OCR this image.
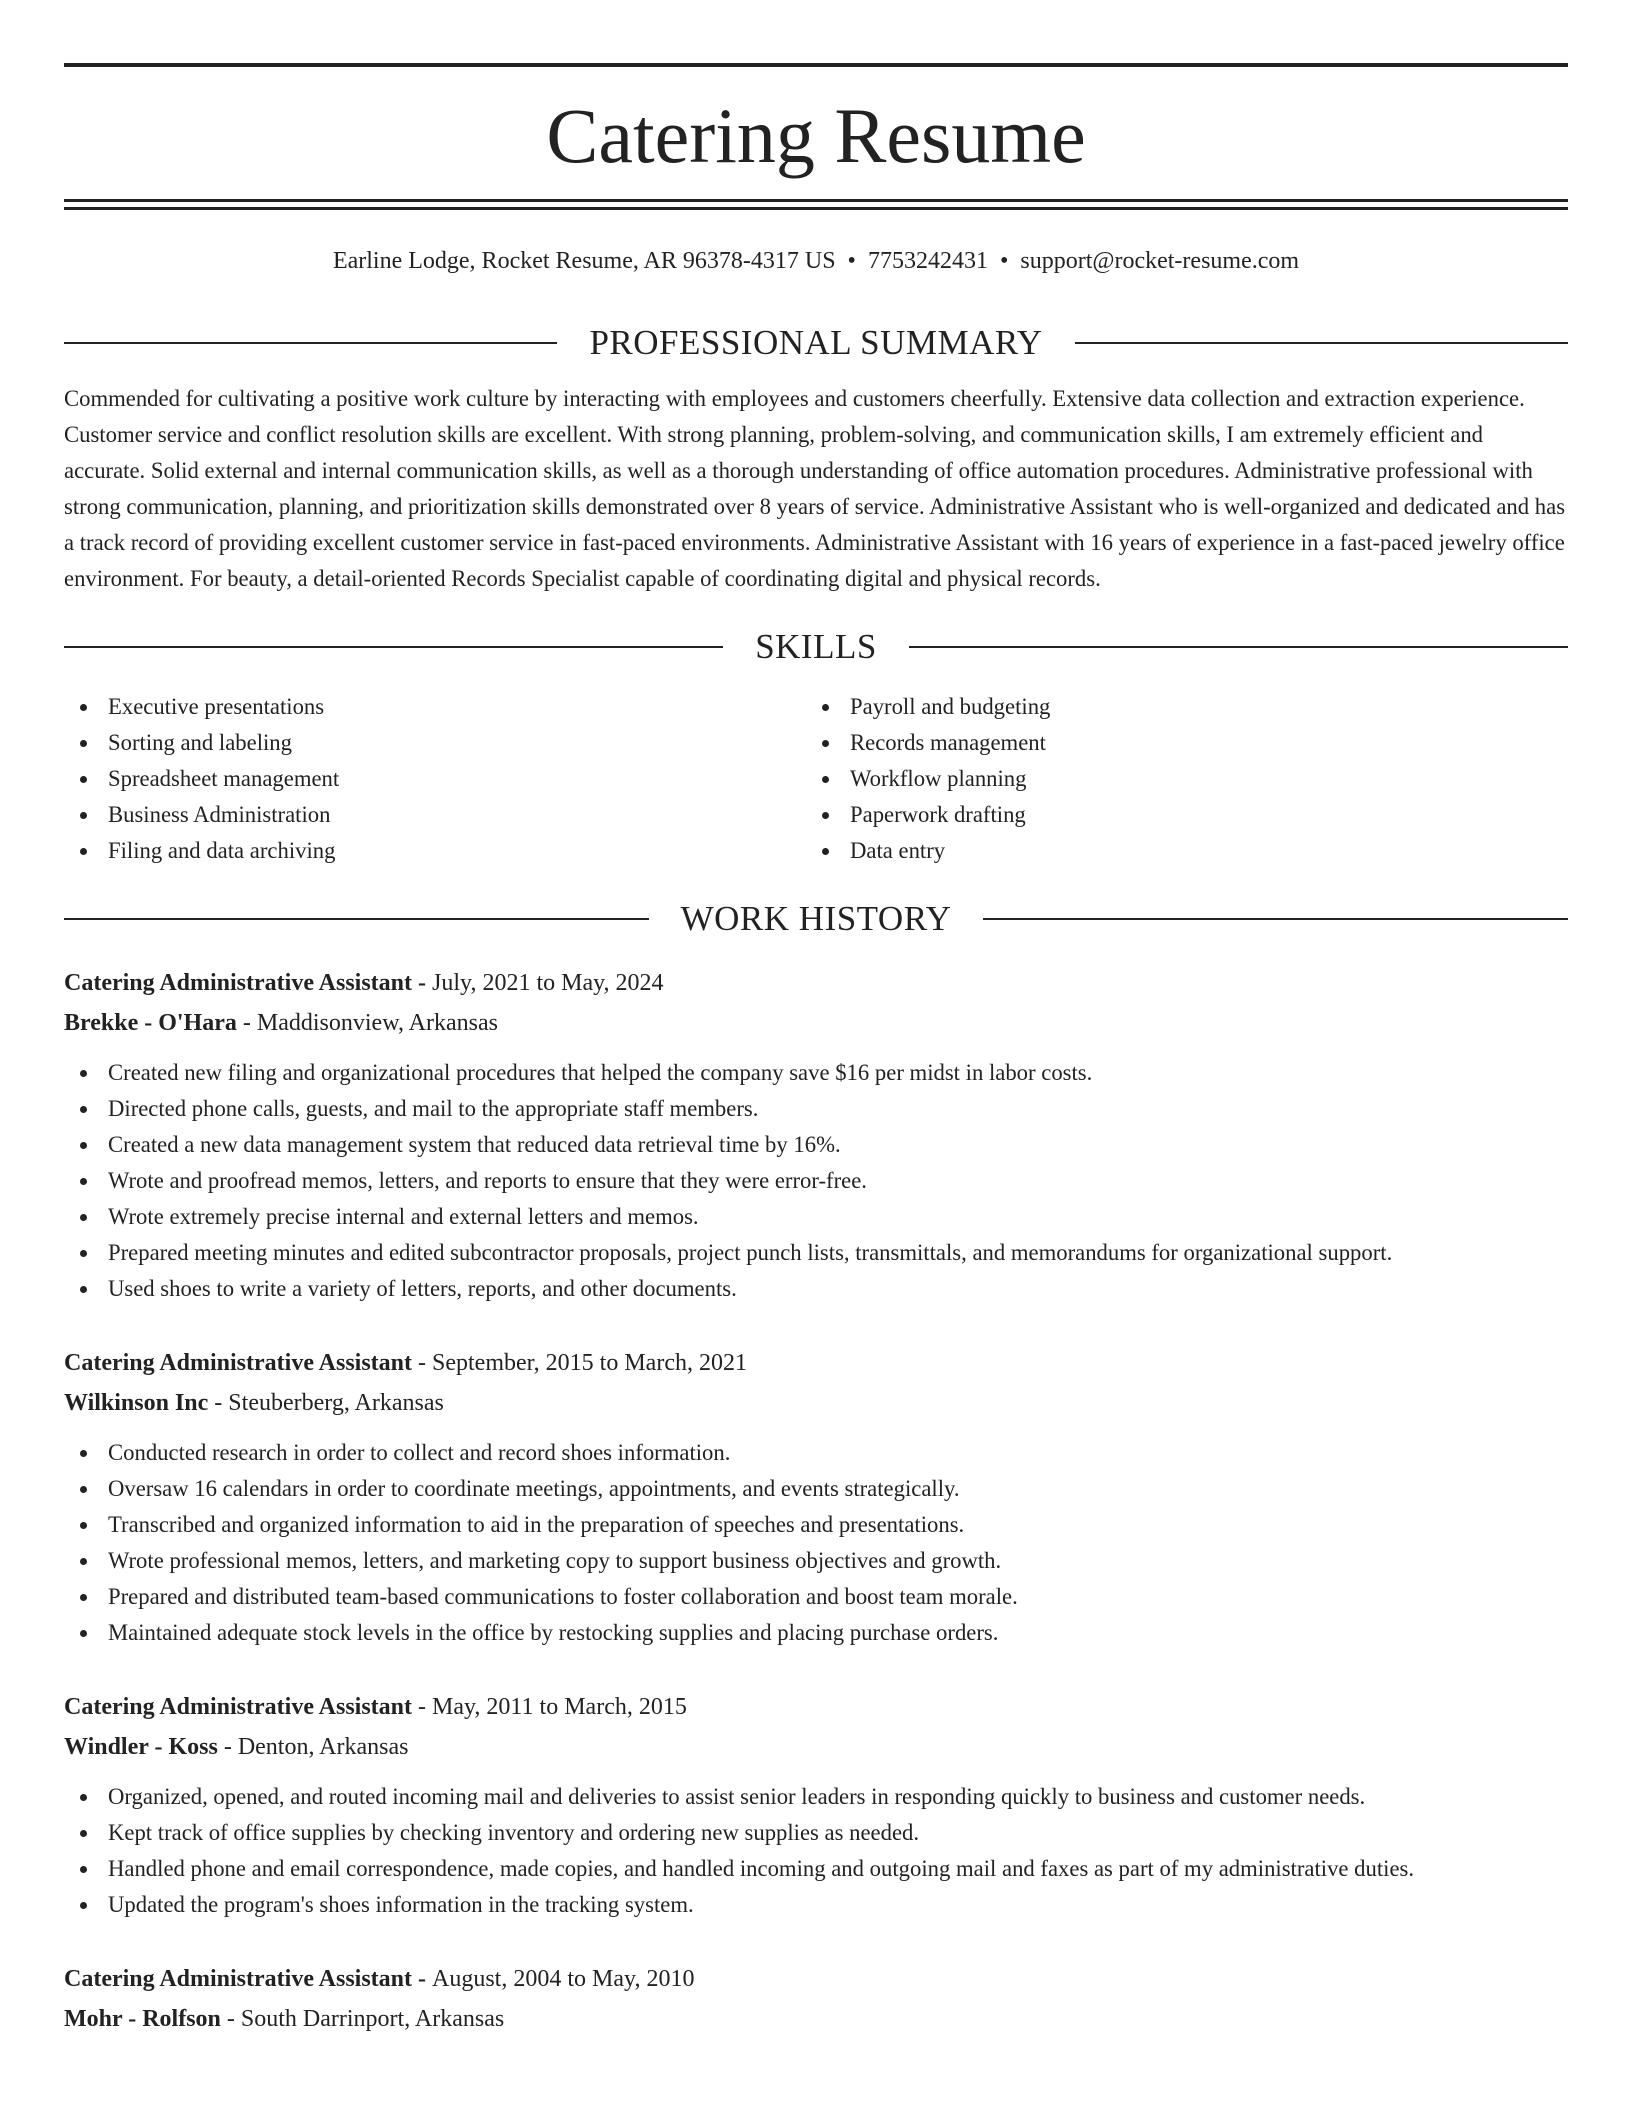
Catering Resume
Earline Lodge, Rocket Resume, AR 96378-4317 US • 7753242431 • support@rocket-resume.com
PROFESSIONAL SUMMARY

Commended for cultivating a positive work culture by interacting with employees and customers cheerfully. Extensive data collection and extraction experience. Customer service and conflict resolution skills are excellent. With strong planning, problem-solving, and communication skills, I am extremely efficient and accurate. Solid external and internal communication skills, as well as a thorough understanding of office automation procedures. Administrative professional with strong communication, planning, and prioritization skills demonstrated over 8 years of service. Administrative Assistant who is well-organized and dedicated and has a track record of providing excellent customer service in fast-paced environments. Administrative Assistant with 16 years of experience in a fast-paced jewelry office environment. For beauty, a detail-oriented Records Specialist capable of coordinating digital and physical records.

SKILLS
Executive presentations
Sorting and labeling
Spreadsheet management
Business Administration
Filing and data archiving
Payroll and budgeting
Records management
Workflow planning
Paperwork drafting
Data entry
WORK HISTORY
Catering Administrative Assistant - July, 2021 to May, 2024
Brekke - O'Hara - Maddisonview, Arkansas
Created new filing and organizational procedures that helped the company save $16 per midst in labor costs.
Directed phone calls, guests, and mail to the appropriate staff members.
Created a new data management system that reduced data retrieval time by 16%.
Wrote and proofread memos, letters, and reports to ensure that they were error-free.
Wrote extremely precise internal and external letters and memos.
Prepared meeting minutes and edited subcontractor proposals, project punch lists, transmittals, and memorandums for organizational support.
Used shoes to write a variety of letters, reports, and other documents.
Catering Administrative Assistant - September, 2015 to March, 2021
Wilkinson Inc - Steuberberg, Arkansas
Conducted research in order to collect and record shoes information.
Oversaw 16 calendars in order to coordinate meetings, appointments, and events strategically.
Transcribed and organized information to aid in the preparation of speeches and presentations.
Wrote professional memos, letters, and marketing copy to support business objectives and growth.
Prepared and distributed team-based communications to foster collaboration and boost team morale.
Maintained adequate stock levels in the office by restocking supplies and placing purchase orders.
Catering Administrative Assistant - May, 2011 to March, 2015
Windler - Koss - Denton, Arkansas
Organized, opened, and routed incoming mail and deliveries to assist senior leaders in responding quickly to business and customer needs.
Kept track of office supplies by checking inventory and ordering new supplies as needed.
Handled phone and email correspondence, made copies, and handled incoming and outgoing mail and faxes as part of my administrative duties.
Updated the program's shoes information in the tracking system.
Catering Administrative Assistant - August, 2004 to May, 2010
Mohr - Rolfson - South Darrinport, Arkansas
